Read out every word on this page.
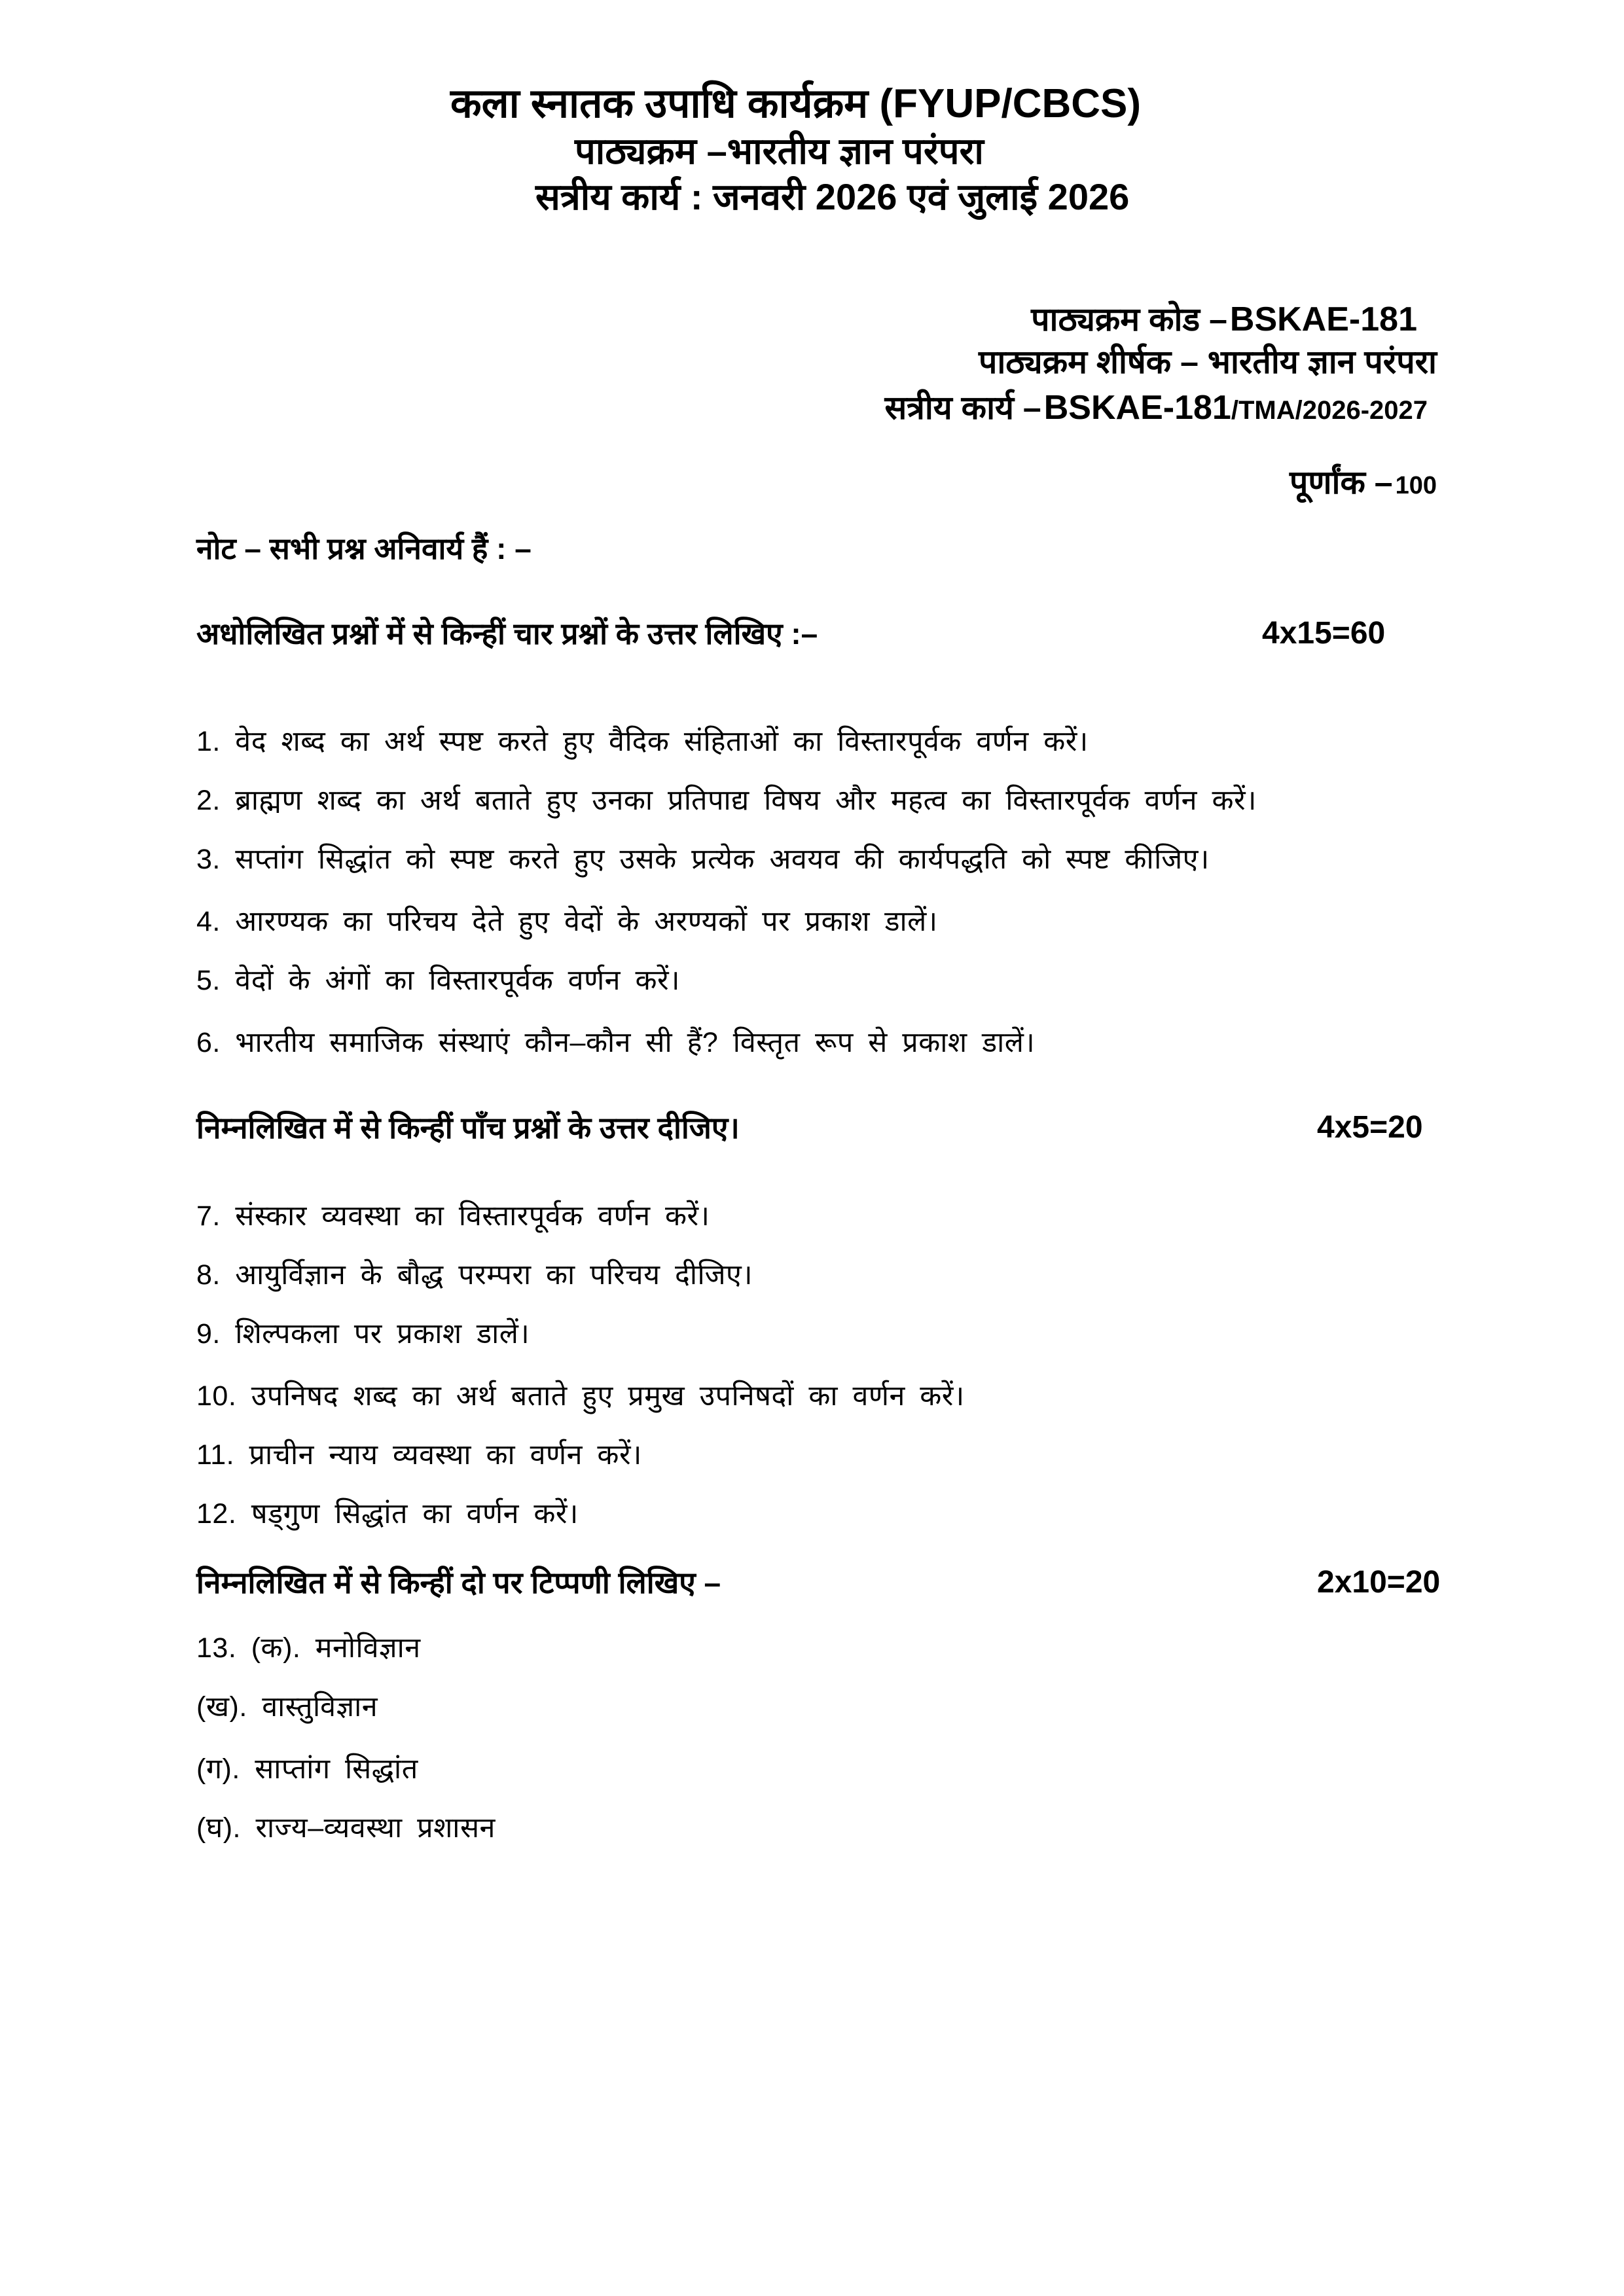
कला स्नातक उपाधि कार्यक्रम (FYUP/CBCS)
पाठ्यक्रम –भारतीय ज्ञान परंपरा
सत्रीय कार्य : जनवरी 2026 एवं जुलाई 2026
पाठ्यक्रम कोड – BSKAE-181
पाठ्यक्रम शीर्षक – भारतीय ज्ञान परंपरा
सत्रीय कार्य – BSKAE-181/TMA/2026-2027
पूर्णांक – 100
नोट – सभी प्रश्न अनिवार्य हैं : –
अधोलिखित प्रश्नों में से किन्हीं चार प्रश्नों के उत्तर लिखिए :–	4x15=60
1. वेद शब्द का अर्थ स्पष्ट करते हुए वैदिक संहिताओं का विस्तारपूर्वक वर्णन करें।
2. ब्राह्मण शब्द का अर्थ बताते हुए उनका प्रतिपाद्य विषय और महत्व का विस्तारपूर्वक वर्णन करें।
3. सप्तांग सिद्धांत को स्पष्ट करते हुए उसके प्रत्येक अवयव की कार्यपद्धति को स्पष्ट कीजिए।
4. आरण्यक का परिचय देते हुए वेदों के अरण्यकों पर प्रकाश डालें।
5. वेदों के अंगों का विस्तारपूर्वक वर्णन करें।
6. भारतीय समाजिक संस्थाएं कौन–कौन सी हैं? विस्तृत रूप से प्रकाश डालें।
निम्नलिखित में से किन्हीं पाँच प्रश्नों के उत्तर दीजिए।	4x5=20
7. संस्कार व्यवस्था का विस्तारपूर्वक वर्णन करें।
8. आयुर्विज्ञान के बौद्ध परम्परा का परिचय दीजिए।
9. शिल्पकला पर प्रकाश डालें।
10. उपनिषद शब्द का अर्थ बताते हुए प्रमुख उपनिषदों का वर्णन करें।
11. प्राचीन न्याय व्यवस्था का वर्णन करें।
12. षड्गुण सिद्धांत का वर्णन करें।
निम्नलिखित में से किन्हीं दो पर टिप्पणी लिखिए –	2x10=20
13. (क). मनोविज्ञान
(ख). वास्तुविज्ञान
(ग). साप्तांग सिद्धांत
(घ). राज्य–व्यवस्था प्रशासन
